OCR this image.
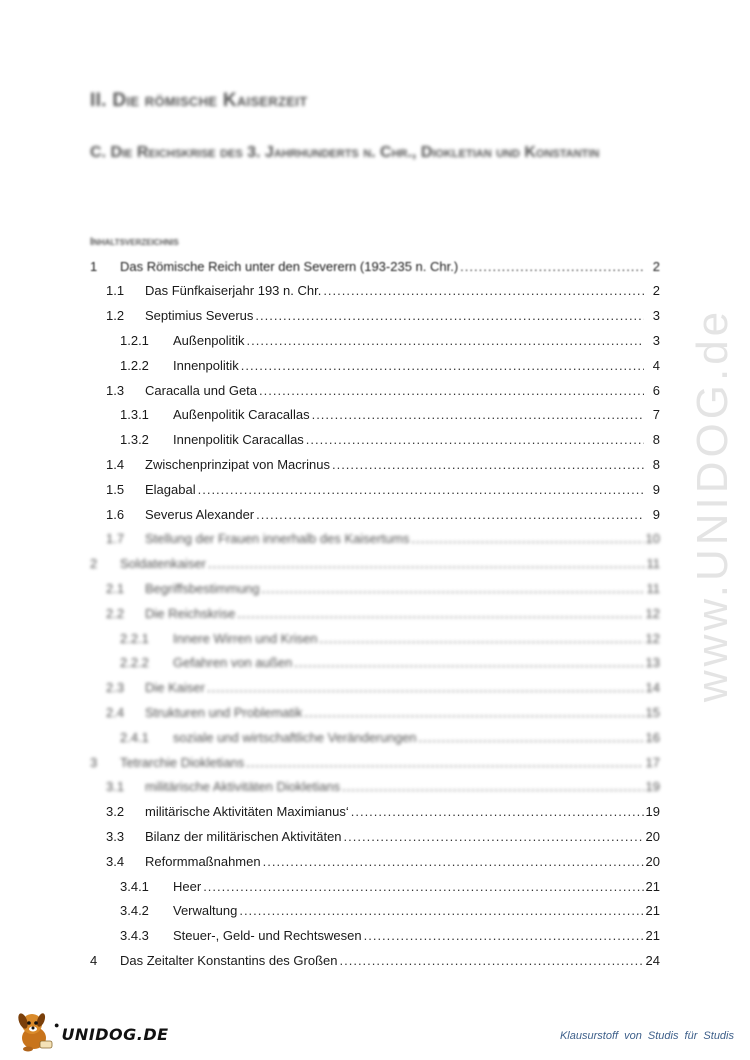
II. Die römische Kaiserzeit
C. Die Reichskrise des 3. Jahrhunderts n. Chr., Diokletian und Konstantin
Inhaltsverzeichnis
1	Das Römische Reich unter den Severern (193-235 n. Chr.) .....	2
1.1	Das Fünfkaiserjahr 193 n. Chr. .....	2
1.2	Septimius Severus .....	3
1.2.1	Außenpolitik .....	3
1.2.2	Innenpolitik .....	4
1.3	Caracalla und Geta .....	6
1.3.1	Außenpolitik Caracallas .....	7
1.3.2	Innenpolitik Caracallas .....	8
1.4	Zwischenprinzipat von Macrinus .....	8
1.5	Elagabal .....	9
1.6	Severus Alexander .....	9
1.7	Stellung der Frauen innerhalb des Kaisertums .....	10
2	Soldatenkaiser .....	11
2.1	Begriffsbestimmung .....	11
2.2	Die Reichskrise .....	12
2.2.1	Innere Wirren und Krisen .....	12
2.2.2	Gefahren von außen .....	13
2.3	Die Kaiser .....	14
2.4	Strukturen und Problematik .....	15
2.4.1	soziale und wirtschaftliche Veränderungen .....	16
3	Tetrarchie Diokletians .....	17
3.1	militärische Aktivitäten Diokletians .....	19
3.2	militärische Aktivitäten Maximianus‘ .....	19
3.3	Bilanz der militärischen Aktivitäten .....	20
3.4	Reformmaßnahmen .....	20
3.4.1	Heer .....	21
3.4.2	Verwaltung .....	21
3.4.3	Steuer-, Geld- und Rechtswesen .....	21
4	Das Zeitalter Konstantins des Großen .....	24
www.UNIDOG.de
● UNIDOG.DE	Klausurstoff von Studis für Studis
